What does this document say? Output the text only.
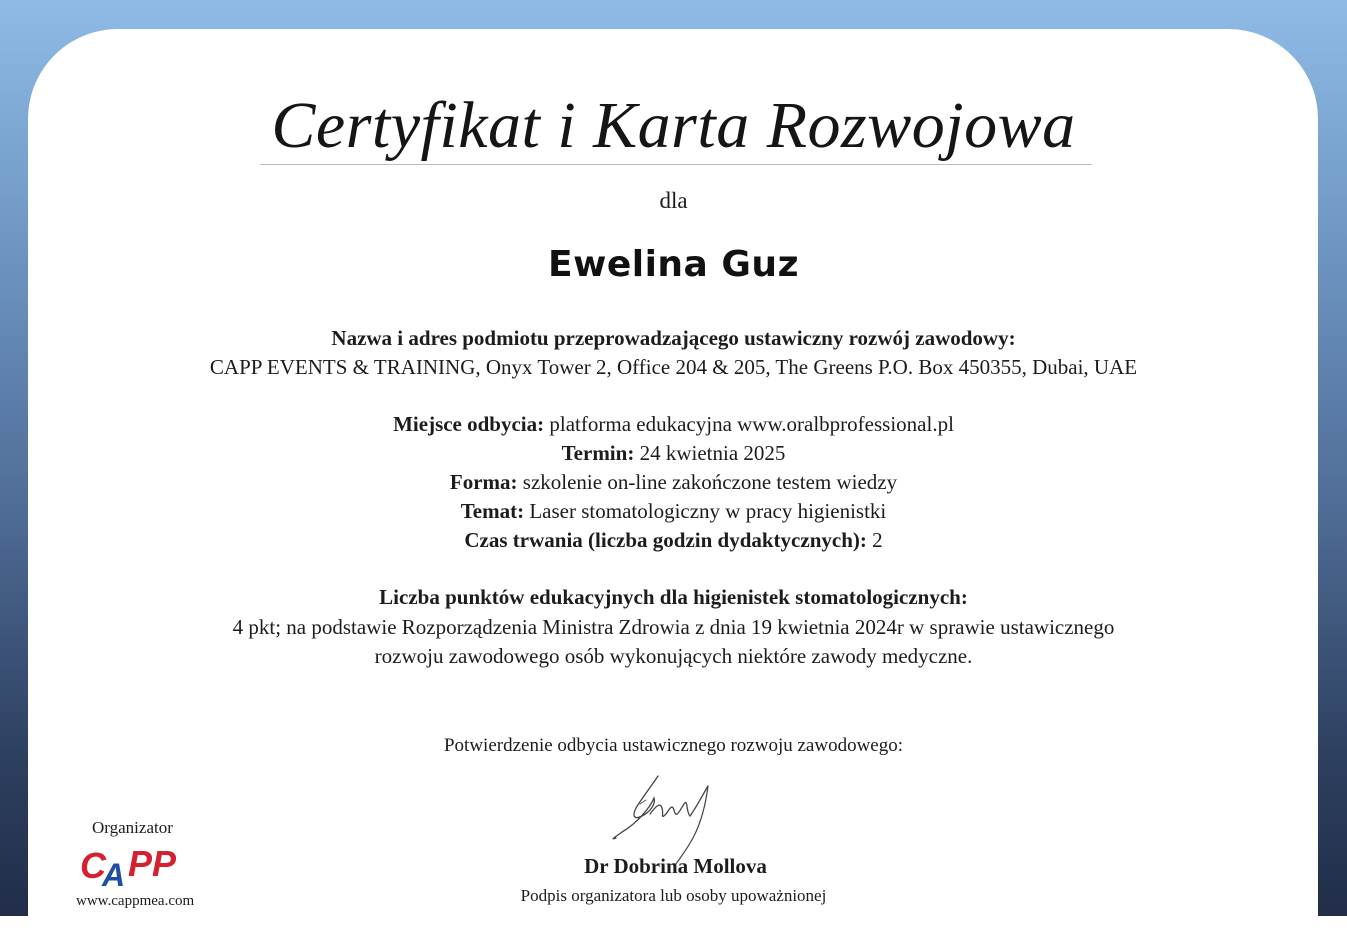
Certyfikat i Karta Rozwojowa
dla
Ewelina Guz
Nazwa i adres podmiotu przeprowadzającego ustawiczny rozwój zawodowy:
CAPP EVENTS & TRAINING, Onyx Tower 2, Office 204 & 205, The Greens P.O. Box 450355, Dubai, UAE
Miejsce odbycia: platforma edukacyjna www.oralbprofessional.pl
Termin: 24 kwietnia 2025
Forma: szkolenie on-line zakończone testem wiedzy
Temat: Laser stomatologiczny w pracy higienistki
Czas trwania (liczba godzin dydaktycznych): 2
Liczba punktów edukacyjnych dla higienistek stomatologicznych:
4 pkt; na podstawie Rozporządzenia Ministra Zdrowia z dnia 19 kwietnia 2024r w sprawie ustawicznego
rozwoju zawodowego osób wykonujących niektóre zawody medyczne.
Potwierdzenie odbycia ustawicznego rozwoju zawodowego:
Dr Dobrina Mollova
Podpis organizatora lub osoby upoważnionej
Organizator
C
A PP
www.cappmea.com
